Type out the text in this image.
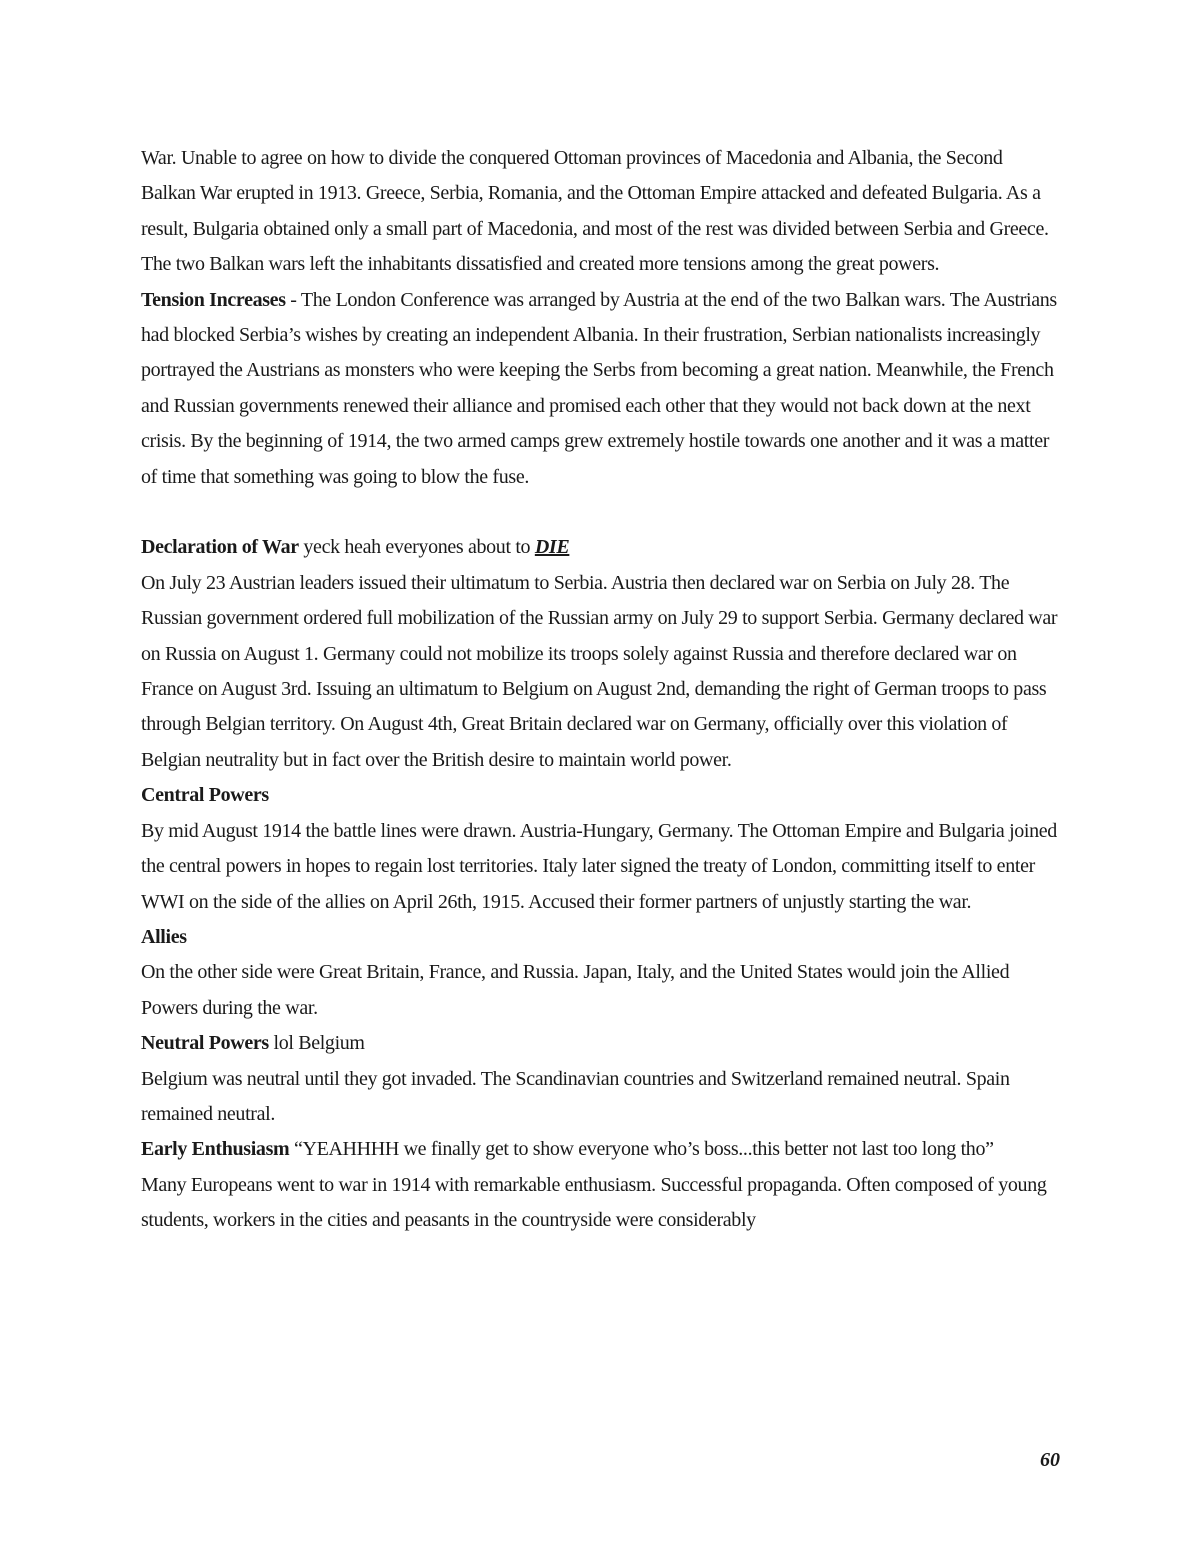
War. Unable to agree on how to divide the conquered Ottoman provinces of Macedonia and Albania, the Second Balkan War erupted in 1913. Greece, Serbia, Romania, and the Ottoman Empire attacked and defeated Bulgaria. As a result, Bulgaria obtained only a small part of Macedonia, and most of the rest was divided between Serbia and Greece. The two Balkan wars left the inhabitants dissatisfied and created more tensions among the great powers.

Tension Increases - The London Conference was arranged by Austria at the end of the two Balkan wars. The Austrians had blocked Serbia’s wishes by creating an independent Albania. In their frustration, Serbian nationalists increasingly portrayed the Austrians as monsters who were keeping the Serbs from becoming a great nation. Meanwhile, the French and Russian governments renewed their alliance and promised each other that they would not back down at the next crisis. By the beginning of 1914, the two armed camps grew extremely hostile towards one another and it was a matter of time that something was going to blow the fuse.

Declaration of War yeck heah everyones about to DIE

On July 23 Austrian leaders issued their ultimatum to Serbia. Austria then declared war on Serbia on July 28. The Russian government ordered full mobilization of the Russian army on July 29 to support Serbia. Germany declared war on Russia on August 1. Germany could not mobilize its troops solely against Russia and therefore declared war on France on August 3rd. Issuing an ultimatum to Belgium on August 2nd, demanding the right of German troops to pass through Belgian territory. On August 4th, Great Britain declared war on Germany, officially over this violation of Belgian neutrality but in fact over the British desire to maintain world power.

Central Powers

By mid August 1914 the battle lines were drawn. Austria-Hungary, Germany. The Ottoman Empire and Bulgaria joined the central powers in hopes to regain lost territories. Italy later signed the treaty of London, committing itself to enter WWI on the side of the allies on April 26th, 1915. Accused their former partners of unjustly starting the war.

Allies

On the other side were Great Britain, France, and Russia. Japan, Italy, and the United States would join the Allied Powers during the war.

Neutral Powers lol Belgium

Belgium was neutral until they got invaded. The Scandinavian countries and Switzerland remained neutral. Spain remained neutral.

Early Enthusiasm “YEAHHHH we finally get to show everyone who’s boss...this better not last too long tho”

Many Europeans went to war in 1914 with remarkable enthusiasm. Successful propaganda. Often composed of young students, workers in the cities and peasants in the countryside were considerably

60
